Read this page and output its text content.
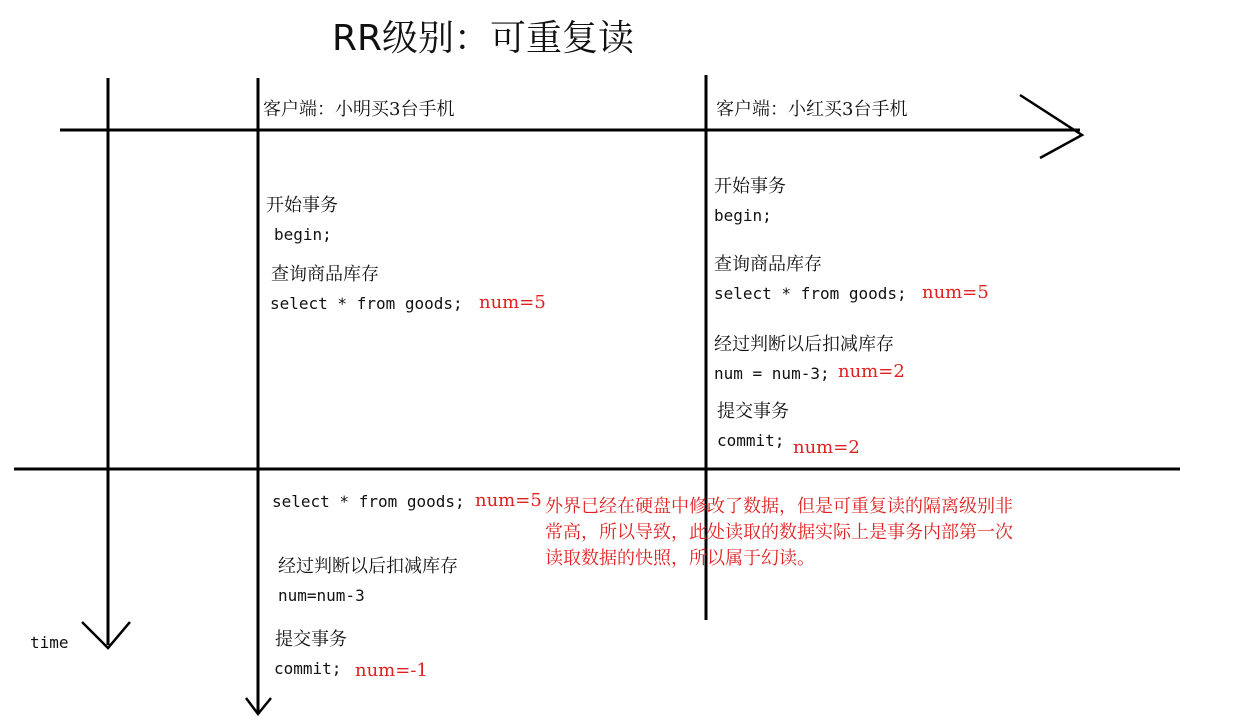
RR级别：可重复读
time
客户端：小明买3台手机
开始事务
begin;
查询商品库存
select * from goods; num=5
select * from goods; num=5
经过判断以后扣减库存
num=num-3
提交事务
commit; num=-1
客户端：小红买3台手机
开始事务
begin;
查询商品库存
select * from goods; num=5
经过判断以后扣减库存
num = num-3; num=2
提交事务
commit; num=2
外界已经在硬盘中修改了数据，但是可重复读的隔离级别非常高，所以导致，此处读取的数据实际上是事务内部第一次读取数据的快照，所以属于幻读。
